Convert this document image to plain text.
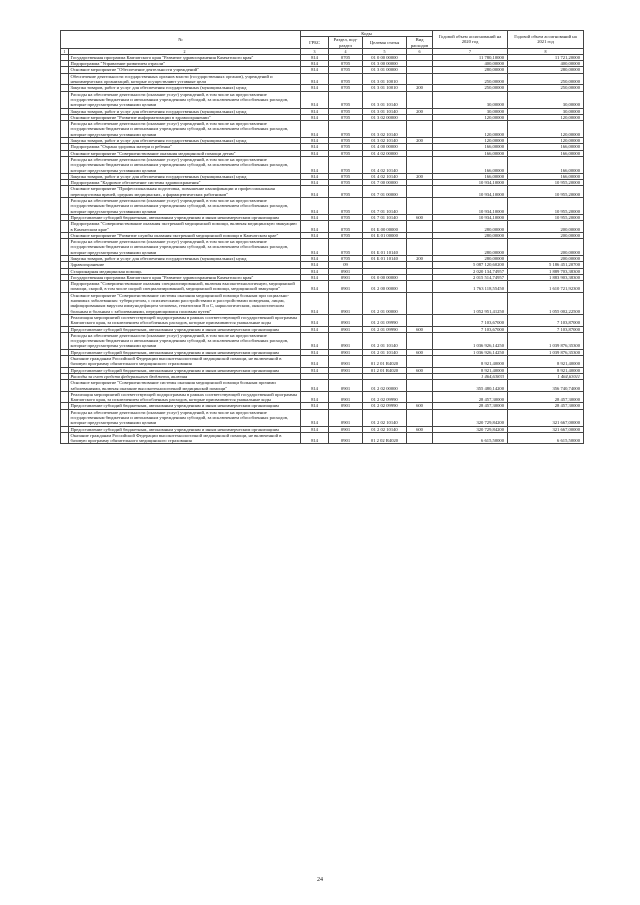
№		Коды				Годовой объем ассигнований на 2020 год	Годовой объем ассигнований на 2021 год
		ГРБС	Раздел, под-раздел	Целевая статья	Вид расходов		
1	2	3	4	5	6	7	8
	Государственная программа Камчатского края "Развитие здравоохранения Камчатского края"	814	0705	01 0 00 00000		11 780,10000	11 721,20000
	Подпрограмма "Управление развитием отрасли"	814	0705	01 3 00 00000		400,00000	400,00000
	Основное мероприятие "Обеспечение деятельности учреждений"	814	0705	01 3 01 00000		280,00000	280,00000
	Обеспечение деятельности государственных органов власти (государственных органов), учреждений и некоммерческих организаций, которые осуществляют уставные цели	814	0705	01 3 01 10010		250,00000	250,00000
	Закупка товаров, работ и услуг для обеспечения государственных (муниципальных) нужд	814	0705	01 3 01 10010	200	250,00000	250,00000
	Расходы на обеспечение деятельности (оказание услуг) учреждений, в том числе на предоставление государственным бюджетным и автономным учреждениям субсидий, за исключением обособленных расходов, которые предусмотрены уставными целями	814	0705	01 3 01 10140		30,00000	30,00000
	Закупка товаров, работ и услуг для обеспечения государственных (муниципальных) нужд	814	0705	01 3 01 10140	200	30,00000	30,00000
	Основное мероприятие "Развитие информатизации в здравоохранении"	814	0705	01 3 02 00000		120,00000	120,00000
	Расходы на обеспечение деятельности (оказание услуг) учреждений, в том числе на предоставление государственным бюджетным и автономным учреждениям субсидий, за исключением обособленных расходов, которые предусмотрены уставными целями	814	0705	01 3 02 10140		120,00000	120,00000
	Закупка товаров, работ и услуг для обеспечения государственных (муниципальных) нужд	814	0705	01 3 02 10140	200	120,00000	120,00000
	Подпрограмма "Охрана здоровья матери и ребенка"	814	0705	01 4 00 00000		166,00000	166,00000
	Основное мероприятие "Совершенствование оказания медицинской помощи детям"	814	0705	01 4 02 00000		166,00000	166,00000
	Расходы на обеспечение деятельности (оказание услуг) учреждений, в том числе на предоставление государственным бюджетным и автономным учреждениям субсидий, за исключением обособленных расходов, которые предусмотрены уставными целями	814	0705	01 4 02 10140		166,00000	166,00000
	Закупка товаров, работ и услуг для обеспечения государственных (муниципальных) нужд	814	0705	01 4 02 10140	200	166,00000	166,00000
	Подпрограмма "Кадровое обеспечение системы здравоохранения"	814	0705	01 7 00 00000		10 934,10000	10 955,20000
	Основное мероприятие "Профессиональная подготовка, повышение квалификации и профессиональная переподготовка врачей, средних медицинских, а фармацевтических работников"	814	0705	01 7 01 00000		10 934,10000	10 955,20000
	Расходы на обеспечение деятельности (оказание услуг) учреждений, в том числе на предоставление государственным бюджетным и автономным учреждениям субсидий, за исключением обособленных расходов, которые предусмотрены уставными целями	814	0705	01 7 01 10140		10 934,10000	10 955,20000
	Предоставление субсидий бюджетным, автономным учреждениям и иным некоммерческим организациям	814	0705	01 7 01 10140	600	10 934,10000	10 955,20000
	Подпрограмма "Совершенствование оказания экстренной медицинской помощи, включая медицинскую эвакуацию в Камчатском крае"	814	0705	01 Б 00 00000		280,00000	200,00000
	Основное мероприятие "Развитие службы оказания экстренной медицинской помощи в Камчатском крае"	814	0705	01 Б 01 00000		280,00000	200,00000
	Расходы на обеспечение деятельности (оказание услуг) учреждений, в том числе на предоставление государственным бюджетным и автономным учреждениям субсидий, за исключением обособленных расходов, которые предусмотрены уставными целями	814	0705	01 Б 01 10140		280,00000	200,00000
	Закупка товаров, работ и услуг для обеспечения государственных (муниципальных) нужд	814	0705	01 Б 01 10140	200	280,00000	200,00000
	Здравоохранение	814	09			5 087 120,60200	5 186 451,20700
	Стационарная медицинская помощь	814	0901			2 020 134,74957	1 889 703,38300
	Государственная программа Камчатского края "Развитие здравоохранения Камчатского края"	814	0901	01 0 00 00000		2 015 514,74957	1 883 903,38300
	Подпрограмма "Совершенствование оказания специализированной, включая высокотехнологичную, медицинской помощи, скорой, в том числе скорой специализированной, медицинской помощи, медицинской эвакуации"	814	0901	01 2 00 00000		1 763 118,55450	1 610 721,92300
	Основное мероприятие "Совершенствование системы оказания медицинской помощи больным при социально-значимых заболеваниях: туберкулезом, с психическими расстройствами и расстройствами поведения, лицам, инфицированным вирусом иммунодефицита человека, гепатитами B и C, наркологическим, онкологическим больным и больным с заболеваниями, передающимися половым путем"	814	0901	01 2 01 00000		1 052 951,41250	1 055 002,22500
	Реализация мероприятий соответствующей подпрограммы в рамках соответствующей государственной программы Камчатского края, за исключением обособленных расходов, которые присваиваются уникальные коды	814	0901	01 2 01 09990		7 103,67000	7 103,87000
	Предоставление субсидий бюджетным, автономным учреждениям и иным некоммерческим организациям	814	0901	01 2 01 09990	600	7 103,67000	7 103,87000
	Расходы на обеспечение деятельности (оказание услуг) учреждений, в том числе на предоставление государственным бюджетным и автономным учреждениям субсидий, за исключением обособленных расходов, которые предусмотрены уставными целями	814	0901	01 2 01 10140		1 036 926,14250	1 039 876,35300
	Предоставление субсидий бюджетным, автономным учреждениям и иным некоммерческим организациям	814	0901	01 2 01 10140	600	1 036 926,14250	1 039 876,35300
	Оказание гражданам Российской Федерации высокотехнологичной медицинской помощи, не включенной в базовую программу обязательного медицинского страхования	814	0901	01 2 01 R4020		8 921,40000	8 921,40000
	Предоставление субсидий бюджетным, автономным учреждениям и иным некоммерческим организациям	814	0901	01 2 01 R4020	600	8 921,40000	8 921,40000
	Расходы за счет средств федерального бюджета, включая					1 464,63833	1 464,63011
	Основное мероприятие "Совершенствование системы оказания медицинской помощи больным прочими заболеваниями, включая оказание высокотехнологичной медицинской помощи"	814	0901	01 2 02 00000		355 480,14200	356 740,74000
	Реализация мероприятий соответствующей подпрограммы в рамках соответствующей государственной программы Камчатского края, за исключением обособленных расходов, которые присваиваются уникальные коды	814	0901	01 2 02 09990		28 457,30000	28 457,30000
	Предоставление субсидий бюджетным, автономным учреждениям и иным некоммерческим организациям	814	0901	01 2 02 09990	600	28 457,30000	28 457,30000
	Расходы на обеспечение деятельности (оказание услуг) учреждений, в том числе на предоставление государственным бюджетным и автономным учреждениям субсидий, за исключением обособленных расходов, которые предусмотрены уставными целями	814	0901	01 2 02 10140		320 729,84200	321 667,00000
	Предоставление субсидий бюджетным, автономным учреждениям и иным некоммерческим организациям	814	0901	01 2 02 10140	600	320 729,84200	321 667,00000
	Оказание гражданам Российской Федерации высокотехнологичной медицинской помощи, не включенной в базовую программу обязательного медицинского страхования	814	0901	01 2 02 R4020		6 615,50000	6 615,50000
24
